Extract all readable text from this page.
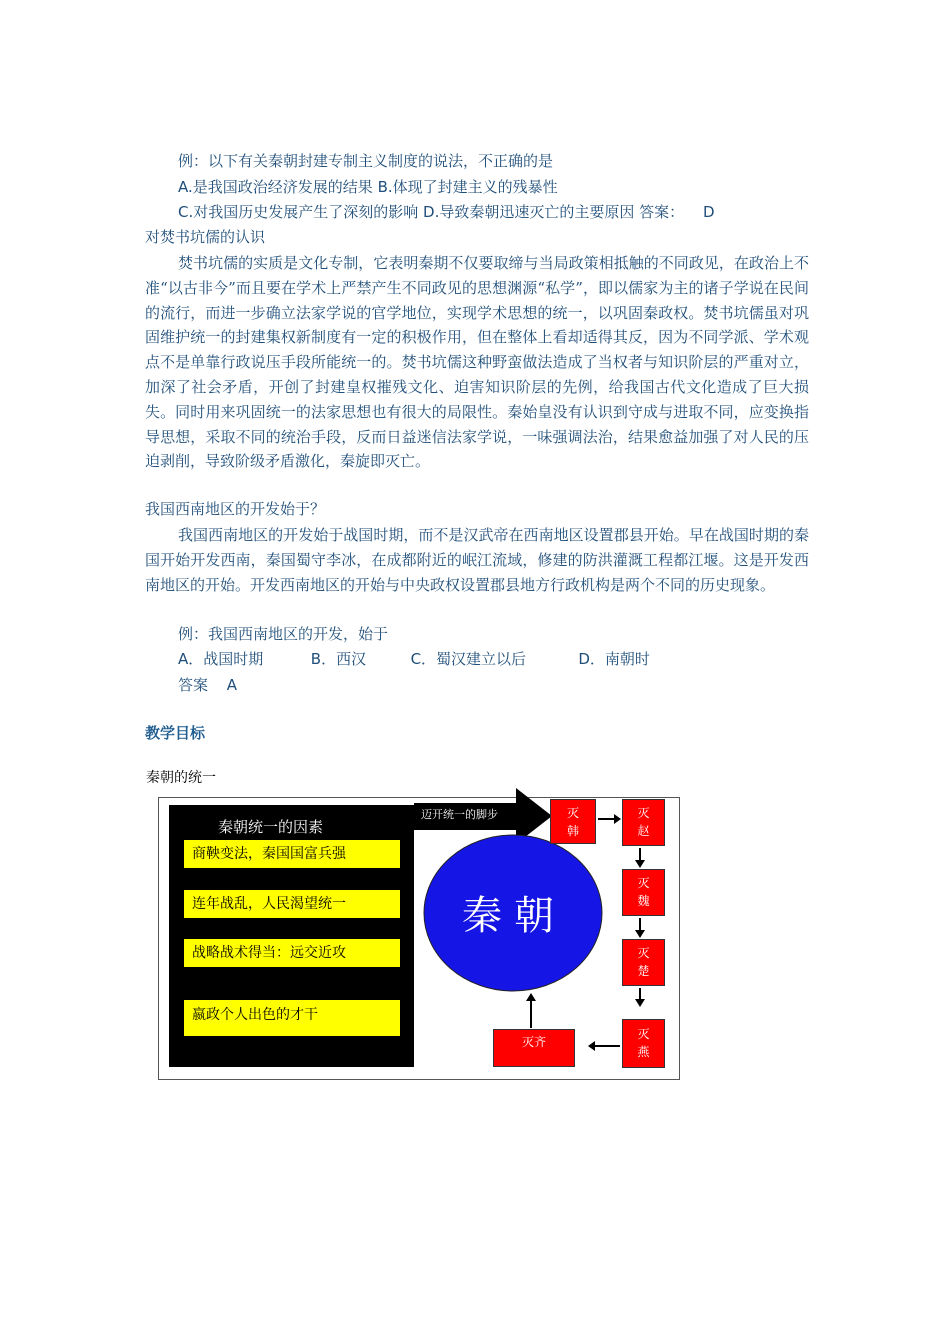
例：以下有关秦朝封建专制主义制度的说法，不正确的是
A.是我国政治经济发展的结果 B.体现了封建主义的残暴性
C.对我国历史发展产生了深刻的影响 D.导致秦朝迅速灭亡的主要原因 答案： D
对焚书坑儒的认识
焚书坑儒的实质是文化专制，它表明秦期不仅要取缔与当局政策相抵触的不同政见，在政治上不准“以古非今”而且要在学术上严禁产生不同政见的思想渊源“私学”，即以儒家为主的诸子学说在民间的流行，而进一步确立法家学说的官学地位，实现学术思想的统一，以巩固秦政权。焚书坑儒虽对巩固维护统一的封建集权新制度有一定的积极作用，但在整体上看却适得其反，因为不同学派、学术观点不是单靠行政说压手段所能统一的。焚书坑儒这种野蛮做法造成了当权者与知识阶层的严重对立，加深了社会矛盾，开创了封建皇权摧残文化、迫害知识阶层的先例，给我国古代文化造成了巨大损失。同时用来巩固统一的法家思想也有很大的局限性。秦始皇没有认识到守成与进取不同，应变换指导思想，采取不同的统治手段，反而日益迷信法家学说，一味强调法治，结果愈益加强了对人民的压迫剥削，导致阶级矛盾激化，秦旋即灭亡。
我国西南地区的开发始于？
我国西南地区的开发始于战国时期，而不是汉武帝在西南地区设置郡县开始。早在战国时期的秦国开始开发西南，秦国蜀守李冰，在成都附近的岷江流域，修建的防洪灌溉工程都江堰。这是开发西南地区的开始。开发西南地区的开始与中央政权设置郡县地方行政机构是两个不同的历史现象。
例：我国西南地区的开发，始于
A．战国时期	B．西汉	C．蜀汉建立以后	D．南朝时
答案 A
教学目标
秦朝的统一
秦朝统一的因素
商鞅变法，秦国国富兵强
连年战乱，人民渴望统一
战略战术得当：远交近攻
嬴政个人出色的才干
迈开统一的脚步
秦朝
灭韩
灭赵
灭魏
灭楚
灭燕
灭齐
